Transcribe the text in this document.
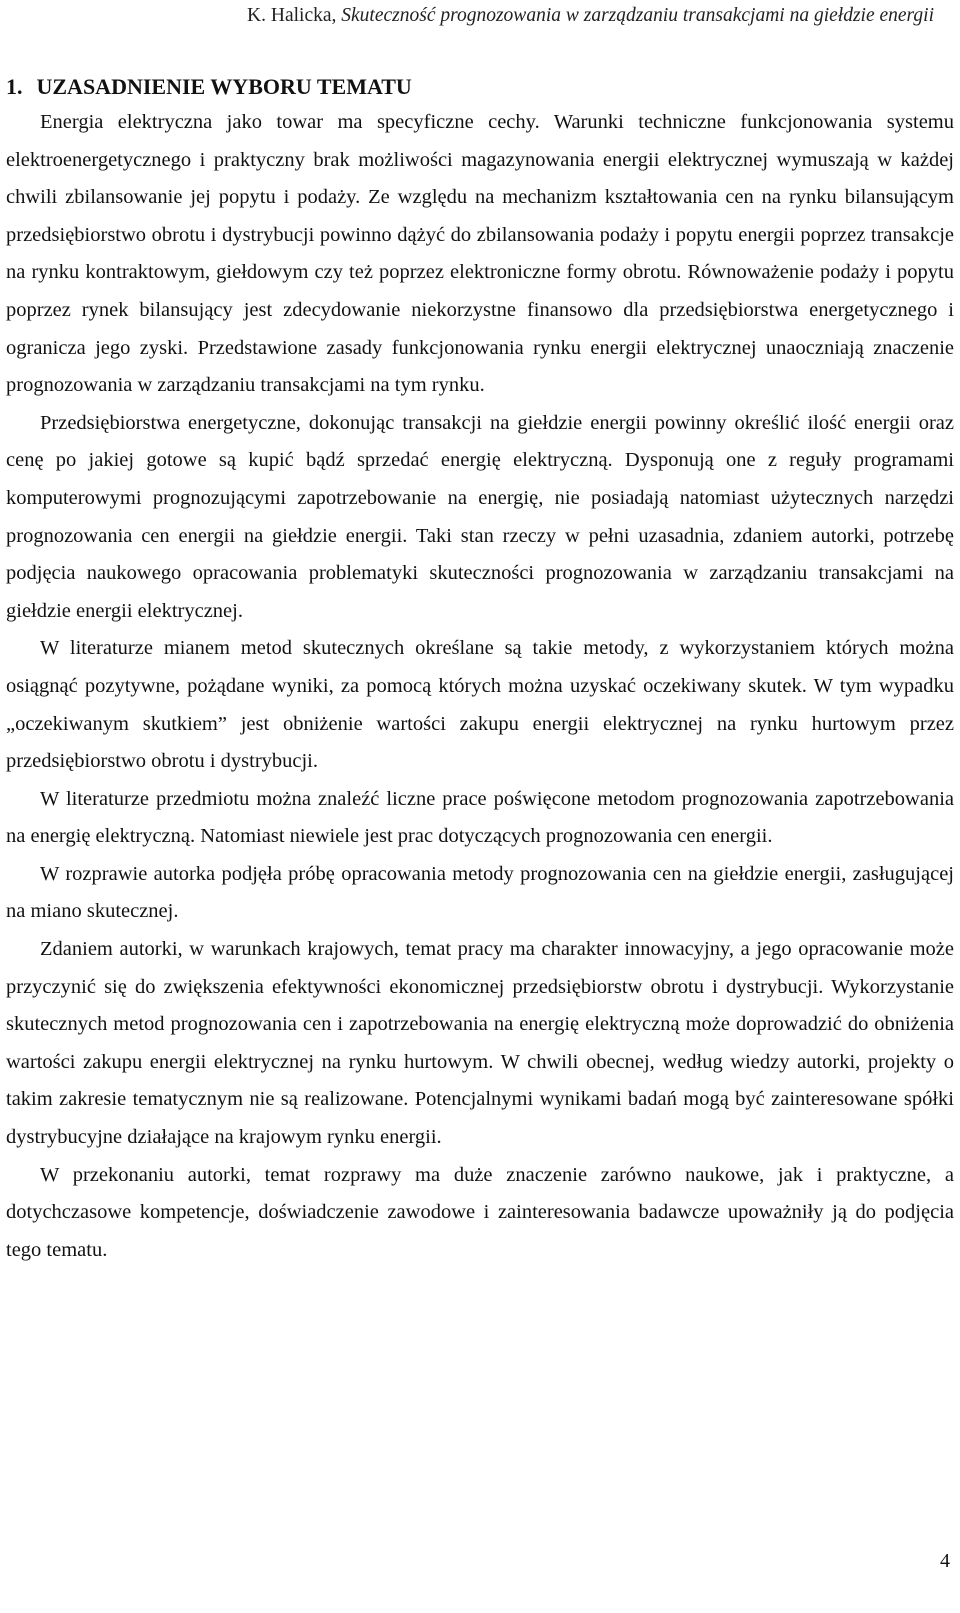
K. Halicka, Skuteczność prognozowania w zarządzaniu transakcjami na giełdzie energii
1. UZASADNIENIE WYBORU TEMATU

Energia elektryczna jako towar ma specyficzne cechy. Warunki techniczne funkcjonowania systemu elektroenergetycznego i praktyczny brak możliwości magazynowania energii elektrycznej wymuszają w każdej chwili zbilansowanie jej popytu i podaży. Ze względu na mechanizm kształtowania cen na rynku bilansującym przedsiębiorstwo obrotu i dystrybucji powinno dążyć do zbilansowania podaży i popytu energii poprzez transakcje na rynku kontraktowym, giełdowym czy też poprzez elektroniczne formy obrotu. Równoważenie podaży i popytu poprzez rynek bilansujący jest zdecydowanie niekorzystne finansowo dla przedsiębiorstwa energetycznego i ogranicza jego zyski. Przedstawione zasady funkcjonowania rynku energii elektrycznej unaoczniają znaczenie prognozowania w zarządzaniu transakcjami na tym rynku.

Przedsiębiorstwa energetyczne, dokonując transakcji na giełdzie energii powinny określić ilość energii oraz cenę po jakiej gotowe są kupić bądź sprzedać energię elektryczną. Dysponują one z reguły programami komputerowymi prognozującymi zapotrzebowanie na energię, nie posiadają natomiast użytecznych narzędzi prognozowania cen energii na giełdzie energii. Taki stan rzeczy w pełni uzasadnia, zdaniem autorki, potrzebę podjęcia naukowego opracowania problematyki skuteczności prognozowania w zarządzaniu transakcjami na giełdzie energii elektrycznej.

W literaturze mianem metod skutecznych określane są takie metody, z wykorzystaniem których można osiągnąć pozytywne, pożądane wyniki, za pomocą których można uzyskać oczekiwany skutek. W tym wypadku „oczekiwanym skutkiem” jest obniżenie wartości zakupu energii elektrycznej na rynku hurtowym przez przedsiębiorstwo obrotu i dystrybucji.

W literaturze przedmiotu można znaleźć liczne prace poświęcone metodom prognozowania zapotrzebowania na energię elektryczną. Natomiast niewiele jest prac dotyczących prognozowania cen energii.

W rozprawie autorka podjęła próbę opracowania metody prognozowania cen na giełdzie energii, zasługującej na miano skutecznej.

Zdaniem autorki, w warunkach krajowych, temat pracy ma charakter innowacyjny, a jego opracowanie może przyczynić się do zwiększenia efektywności ekonomicznej przedsiębiorstw obrotu i dystrybucji. Wykorzystanie skutecznych metod prognozowania cen i zapotrzebowania na energię elektryczną może doprowadzić do obniżenia wartości zakupu energii elektrycznej na rynku hurtowym. W chwili obecnej, według wiedzy autorki, projekty o takim zakresie tematycznym nie są realizowane. Potencjalnymi wynikami badań mogą być zainteresowane spółki dystrybucyjne działające na krajowym rynku energii.

W przekonaniu autorki, temat rozprawy ma duże znaczenie zarówno naukowe, jak i praktyczne, a dotychczasowe kompetencje, doświadczenie zawodowe i zainteresowania badawcze upoważniły ją do podjęcia tego tematu.

4
